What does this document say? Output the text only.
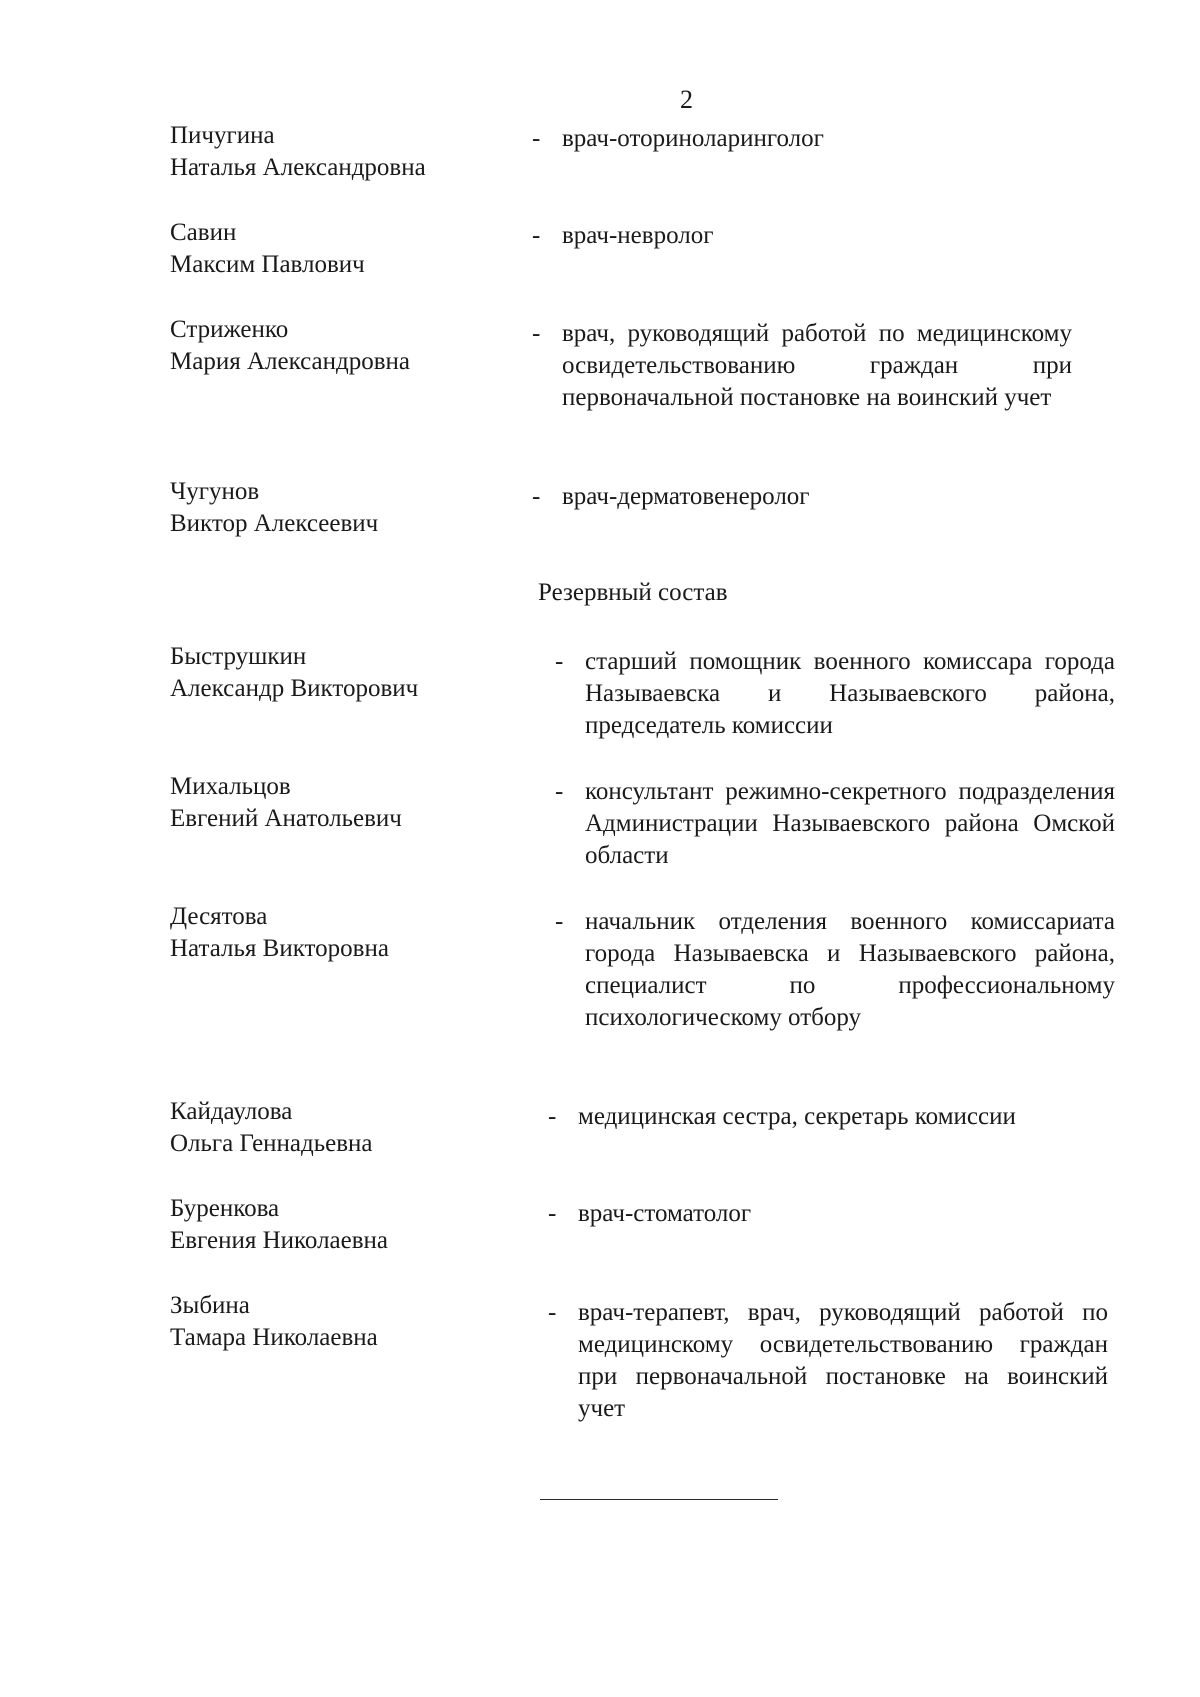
2
Пичугина
Наталья Александровна
- врач-оториноларинголог
Савин
Максим Павлович
- врач-невролог
Стриженко
Мария Александровна
- врач, руководящий работой по медицинскому освидетельствованию граждан при первоначальной постановке на воинский учет
Чугунов
Виктор Алексеевич
- врач-дерматовенеролог
Резервный состав
Быструшкин
Александр Викторович
- старший помощник военного комиссара города Называевска и Называевского района, председатель комиссии
Михальцов
Евгений Анатольевич
- консультант режимно-секретного подразделения Администрации Называевского района Омской области
Десятова
Наталья Викторовна
- начальник отделения военного комиссариата города Называевска и Называевского района, специалист по профессиональному психологическому отбору
Кайдаулова
Ольга Геннадьевна
- медицинская сестра, секретарь комиссии
Буренкова
Евгения Николаевна
- врач-стоматолог
Зыбина
Тамара Николаевна
- врач-терапевт, врач, руководящий работой по медицинскому освидетельствованию граждан при первоначальной постановке на воинский учет
